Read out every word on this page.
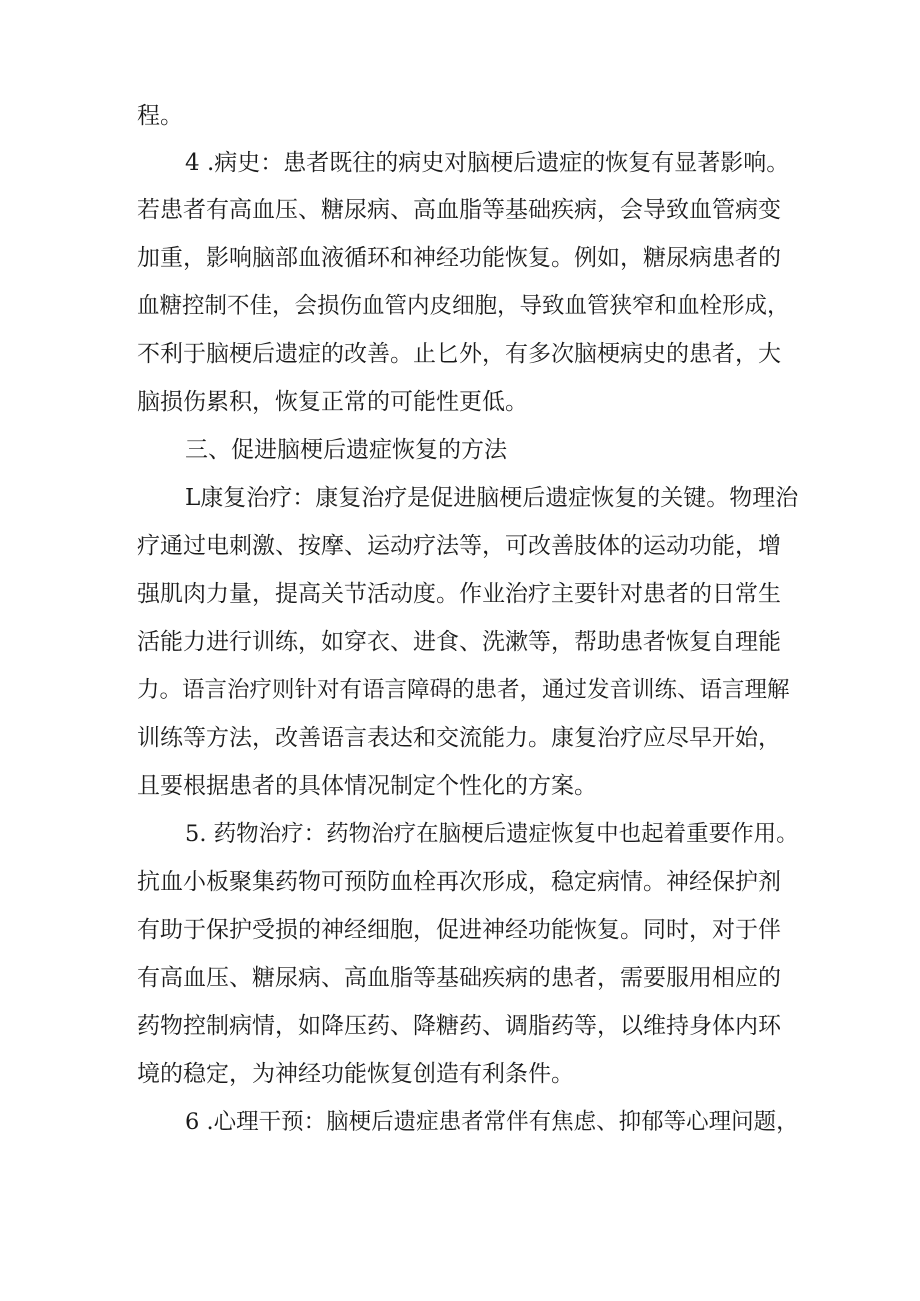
程。
4 .病史：患者既往的病史对脑梗后遗症的恢复有显著影响。
若患者有高血压、糖尿病、高血脂等基础疾病，会导致血管病变
加重，影响脑部血液循环和神经功能恢复。例如，糖尿病患者的
血糖控制不佳，会损伤血管内皮细胞，导致血管狭窄和血栓形成，
不利于脑梗后遗症的改善。止匕外，有多次脑梗病史的患者，大
脑损伤累积，恢复正常的可能性更低。
三、促进脑梗后遗症恢复的方法
L康复治疗：康复治疗是促进脑梗后遗症恢复的关键。物理治
疗通过电刺激、按摩、运动疗法等，可改善肢体的运动功能，增
强肌肉力量，提高关节活动度。作业治疗主要针对患者的日常生
活能力进行训练，如穿衣、进食、洗漱等，帮助患者恢复自理能
力。语言治疗则针对有语言障碍的患者，通过发音训练、语言理解
训练等方法，改善语言表达和交流能力。康复治疗应尽早开始，
且要根据患者的具体情况制定个性化的方案。
5. 药物治疗：药物治疗在脑梗后遗症恢复中也起着重要作用。
抗血小板聚集药物可预防血栓再次形成，稳定病情。神经保护剂
有助于保护受损的神经细胞，促进神经功能恢复。同时，对于伴
有高血压、糖尿病、高血脂等基础疾病的患者，需要服用相应的
药物控制病情，如降压药、降糖药、调脂药等，以维持身体内环
境的稳定，为神经功能恢复创造有利条件。
6 .心理干预：脑梗后遗症患者常伴有焦虑、抑郁等心理问题，
